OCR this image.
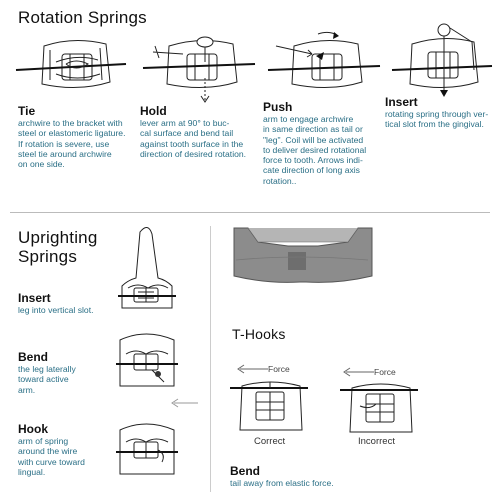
Rotation Springs
Tie
archwire to the bracket with
steel or elastomeric ligature.
If rotation is severe, use
steel tie around archwire
on one side.
Hold
lever arm at 90° to buc-
cal surface and bend tail
against tooth surface in the
direction of desired rotation.
Push
arm to engage archwire
in same direction as tail or
"leg". Coil will be activated
to deliver desired rotational
force to tooth. Arrows indi-
cate direction of long axis
rotation..
Insert
rotating spring through ver-
tical slot from the gingival.
Uprighting
Springs
Insert
leg into vertical slot.
Bend
the leg laterally
toward active
arm.
Hook
arm of spring
around the wire
with curve toward
lingual.
T-Hooks
Force
Correct
Force
Incorrect
Bend
tail away from elastic force.
